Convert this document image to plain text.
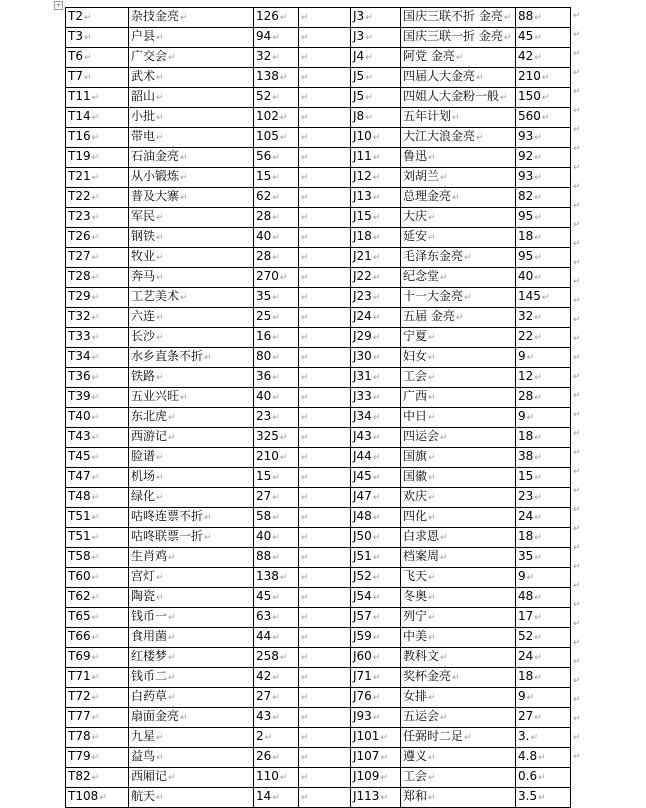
+
T2 ↵	杂技金亮 ↵	126 ↵	↵	J3 ↵	国庆三联不折 金亮 ↵	88 ↵
T3 ↵	户县 ↵	94 ↵	↵	J3 ↵	国庆三联一折 金亮 ↵	45 ↵
T6 ↵	广交会 ↵	32 ↵	↵	J4 ↵	阿党 金亮 ↵	42 ↵
T7 ↵	武术 ↵	138 ↵	↵	J5 ↵	四届人大金亮 ↵	210 ↵
T11 ↵	韶山 ↵	52 ↵	↵	J5 ↵	四姐人大金粉一般 ↵	150 ↵
T14 ↵	小批 ↵	102 ↵	↵	J8 ↵	五年计划 ↵	560 ↵
T16 ↵	带电 ↵	105 ↵	↵	J10 ↵	大江大浪金亮 ↵	93 ↵
T19 ↵	石油金亮 ↵	56 ↵	↵	J11 ↵	鲁迅 ↵	92 ↵
T21 ↵	从小锻炼 ↵	15 ↵	↵	J12 ↵	刘胡兰 ↵	93 ↵
T22 ↵	普及大寨 ↵	62 ↵	↵	J13 ↵	总理金亮 ↵	82 ↵
T23 ↵	军民 ↵	28 ↵	↵	J15 ↵	大庆 ↵	95 ↵
T26 ↵	钢铁 ↵	40 ↵	↵	J18 ↵	延安 ↵	18 ↵
T27 ↵	牧业 ↵	28 ↵	↵	J21 ↵	毛泽东金亮 ↵	95 ↵
T28 ↵	奔马 ↵	270 ↵	↵	J22 ↵	纪念堂 ↵	40 ↵
T29 ↵	工艺美术 ↵	35 ↵	↵	J23 ↵	十一大金亮 ↵	145 ↵
T32 ↵	六连 ↵	25 ↵	↵	J24 ↵	五届 金亮 ↵	32 ↵
T33 ↵	长沙 ↵	16 ↵	↵	J29 ↵	宁夏 ↵	22 ↵
T34 ↵	水乡直条不折 ↵	80 ↵	↵	J30 ↵	妇女 ↵	9 ↵
T36 ↵	铁路 ↵	36 ↵	↵	J31 ↵	工会 ↵	12 ↵
T39 ↵	五业兴旺 ↵	40 ↵	↵	J33 ↵	广西 ↵	28 ↵
T40 ↵	东北虎 ↵	23 ↵	↵	J34 ↵	中日 ↵	9 ↵
T43 ↵	西游记 ↵	325 ↵	↵	J43 ↵	四运会 ↵	18 ↵
T45 ↵	脸谱 ↵	210 ↵	↵	J44 ↵	国旗 ↵	38 ↵
T47 ↵	机场 ↵	15 ↵	↵	J45 ↵	国徽 ↵	15 ↵
T48 ↵	绿化 ↵	27 ↵	↵	J47 ↵	欢庆 ↵	23 ↵
T51 ↵	咕咚连票不折 ↵	58 ↵	↵	J48 ↵	四化 ↵	24 ↵
T51 ↵	咕咚联票一折 ↵	40 ↵	↵	J50 ↵	白求恩 ↵	18 ↵
T58 ↵	生肖鸡 ↵	88 ↵	↵	J51 ↵	档案周 ↵	35 ↵
T60 ↵	宫灯 ↵	138 ↵	↵	J52 ↵	飞天 ↵	9 ↵
T62 ↵	陶瓷 ↵	45 ↵	↵	J54 ↵	冬奥 ↵	48 ↵
T65 ↵	钱币一 ↵	63 ↵	↵	J57 ↵	列宁 ↵	17 ↵
T66 ↵	食用菌 ↵	44 ↵	↵	J59 ↵	中美 ↵	52 ↵
T69 ↵	红楼梦 ↵	258 ↵	↵	J60 ↵	教科文 ↵	24 ↵
T71 ↵	钱币二 ↵	42 ↵	↵	J71 ↵	奖杯金亮 ↵	18 ↵
T72 ↵	白药草 ↵	27 ↵	↵	J76 ↵	女排 ↵	9 ↵
T77 ↵	扇面金亮 ↵	43 ↵	↵	J93 ↵	五运会 ↵	27 ↵
T78 ↵	九星 ↵	2 ↵	↵	J101 ↵	任弼时二足 ↵	3. ↵
T79 ↵	益鸟 ↵	26 ↵	↵	J107 ↵	遵义 ↵	4.8 ↵
T82 ↵	西厢记 ↵	110 ↵	↵	J109 ↵	工会 ↵	0.6 ↵
T108 ↵	航天 ↵	14 ↵	↵	J113 ↵	郑和 ↵	3.5 ↵
↵
↵
↵
↵
↵
↵
↵
↵
↵
↵
↵
↵
↵
↵
↵
↵
↵
↵
↵
↵
↵
↵
↵
↵
↵
↵
↵
↵
↵
↵
↵
↵
↵
↵
↵
↵
↵
↵
↵
↵
